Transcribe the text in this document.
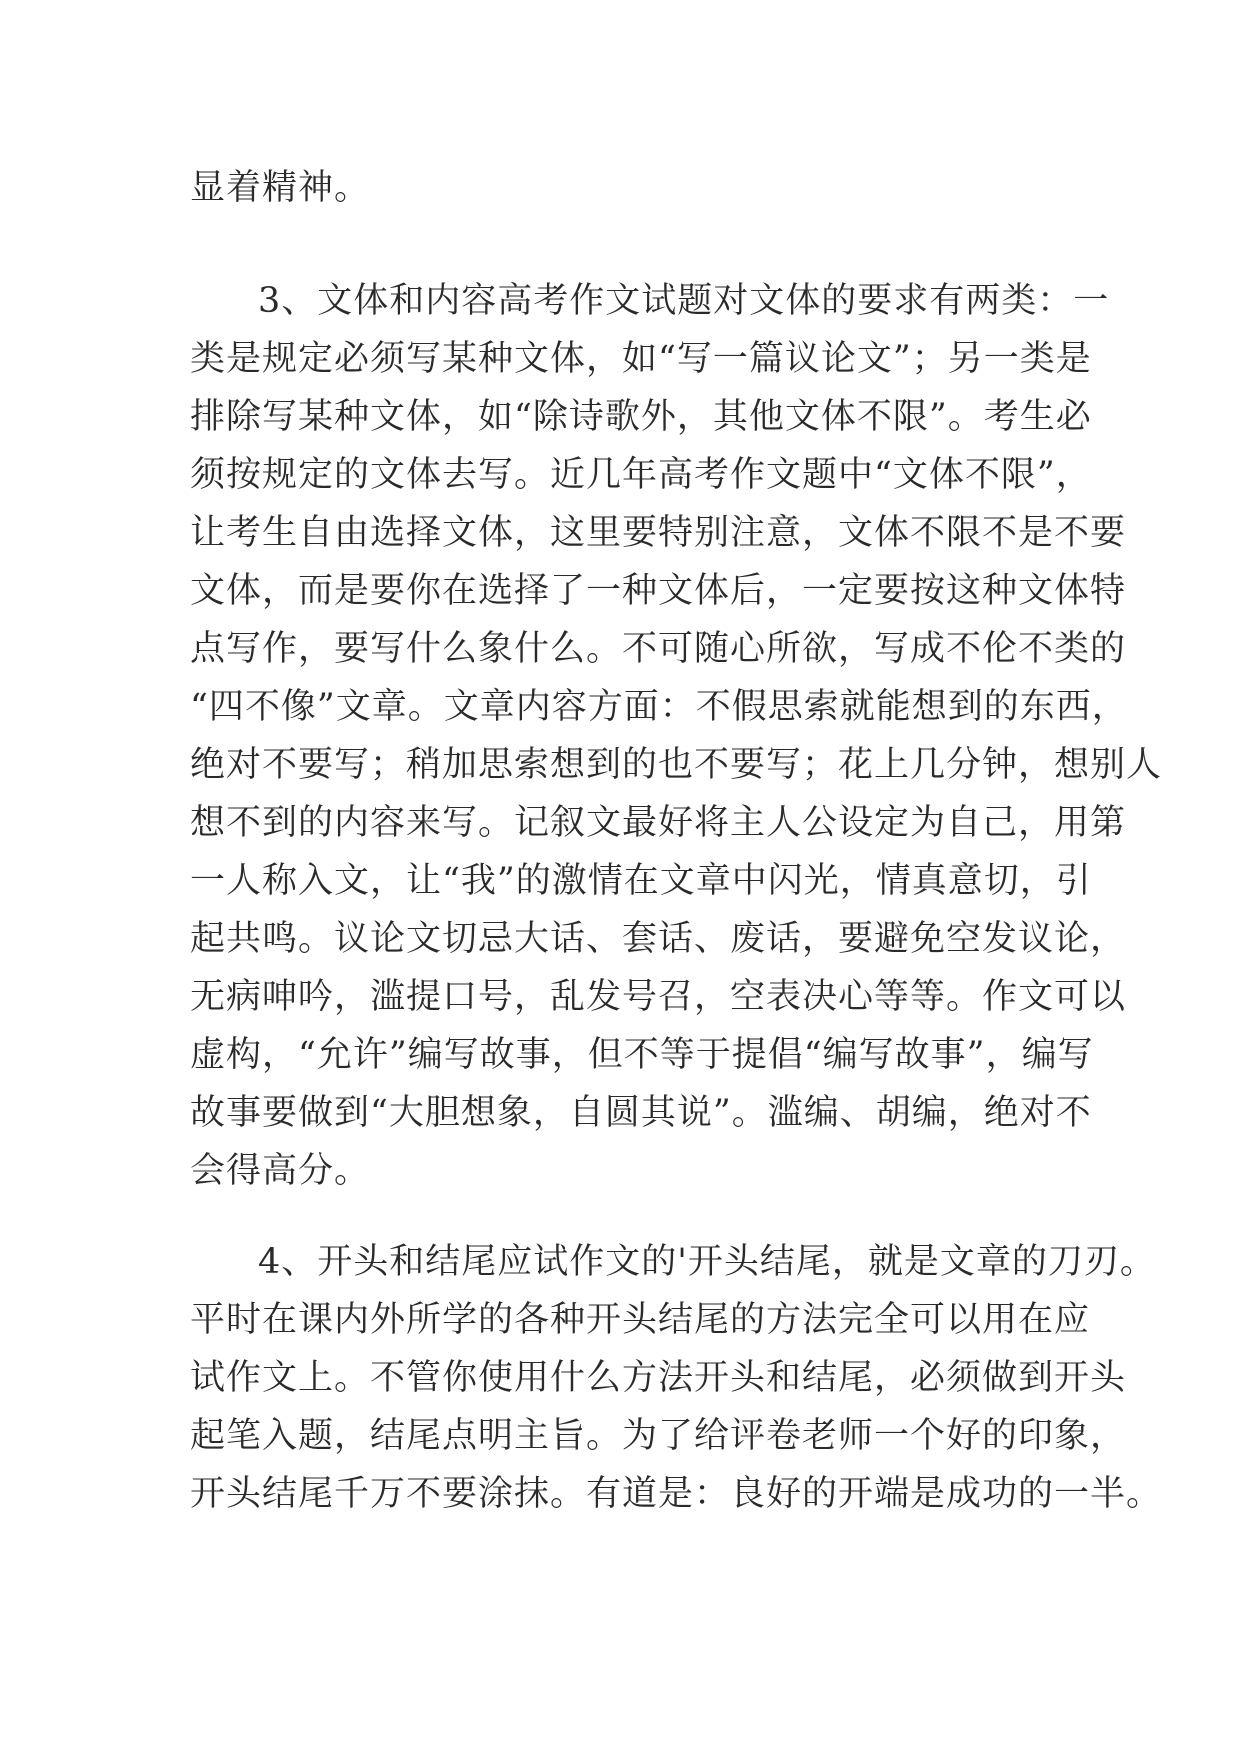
显着精神。
3、文体和内容高考作文试题对文体的要求有两类：一
类是规定必须写某种文体，如“写一篇议论文”；另一类是
排除写某种文体，如“除诗歌外，其他文体不限”。考生必
须按规定的文体去写。近几年高考作文题中“文体不限”，
让考生自由选择文体，这里要特别注意，文体不限不是不要
文体，而是要你在选择了一种文体后，一定要按这种文体特
点写作，要写什么象什么。不可随心所欲，写成不伦不类的
“四不像”文章。文章内容方面：不假思索就能想到的东西，
绝对不要写；稍加思索想到的也不要写；花上几分钟，想别人
想不到的内容来写。记叙文最好将主人公设定为自己，用第
一人称入文，让“我”的激情在文章中闪光，情真意切，引
起共鸣。议论文切忌大话、套话、废话，要避免空发议论，
无病呻吟，滥提口号，乱发号召，空表决心等等。作文可以
虚构，“允许”编写故事，但不等于提倡“编写故事”，编写
故事要做到“大胆想象，自圆其说”。滥编、胡编，绝对不
会得高分。
4、开头和结尾应试作文的'开头结尾，就是文章的刀刃。
平时在课内外所学的各种开头结尾的方法完全可以用在应
试作文上。不管你使用什么方法开头和结尾，必须做到开头
起笔入题，结尾点明主旨。为了给评卷老师一个好的印象，
开头结尾千万不要涂抹。有道是：良好的开端是成功的一半。
